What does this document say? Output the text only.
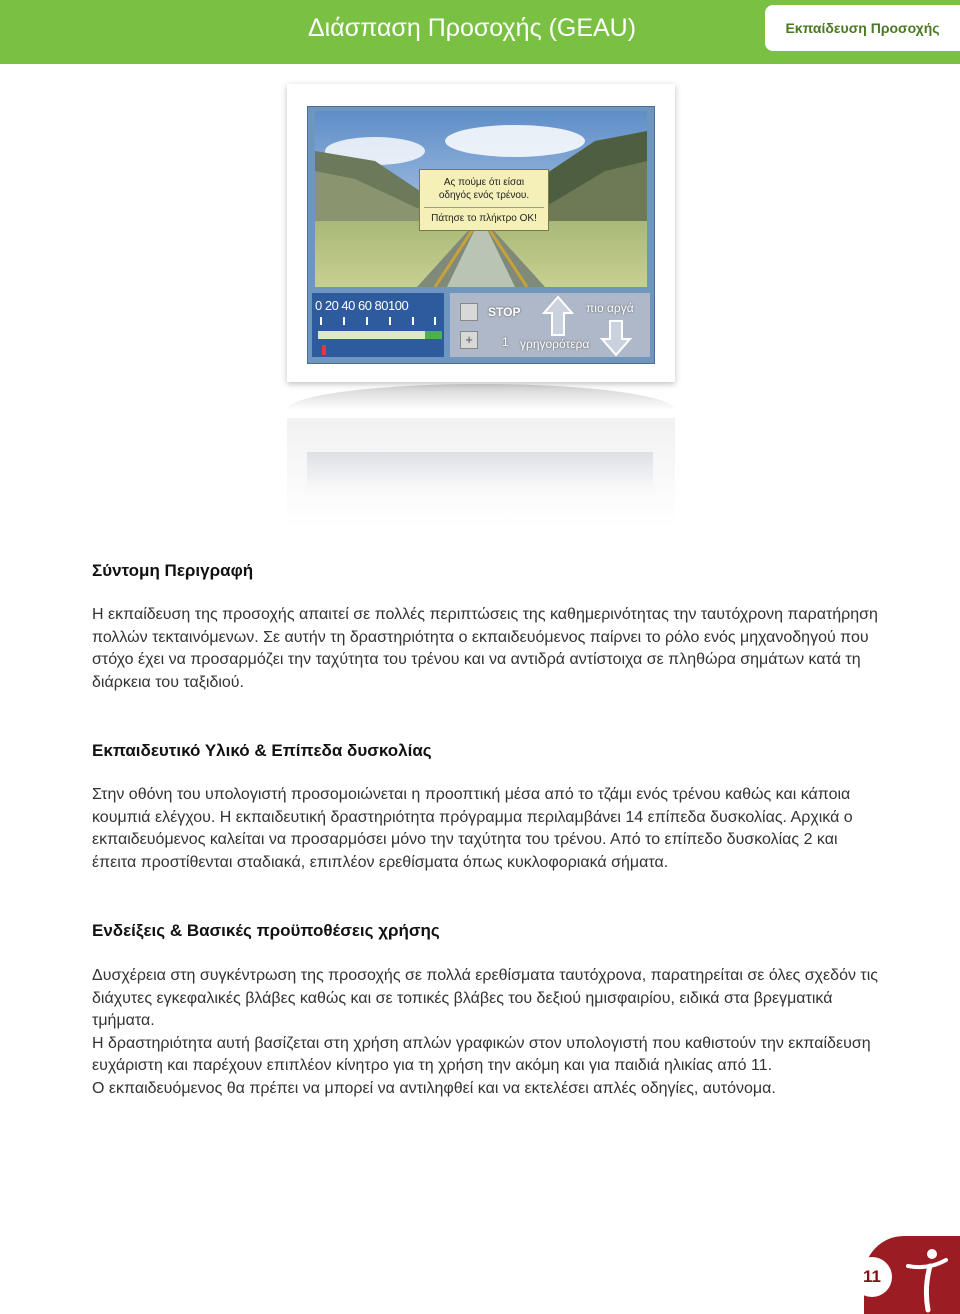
Διάσπαση Προσοχής (GEAU)	Εκπαίδευση Προσοχής
Ας πούμε ότι είσαι
οδηγός ενός τρένου.
Πάτησε το πλήκτρο ΟΚ!
0 20 40 60 80100
+
STOP
1
πιο αργά
γρηγορότερα
Σύντομη Περιγραφή

Η εκπαίδευση της προσοχής απαιτεί σε πολλές περιπτώσεις της καθημερινότητας την ταυτόχρονη παρατήρηση πολλών τεκταινόμενων. Σε αυτήν τη δραστηριότητα ο εκπαιδευόμενος παίρνει το ρόλο ενός μηχανοδηγού που στόχο έχει να προσαρμόζει την ταχύτητα του τρένου και να αντιδρά αντίστοιχα σε πληθώρα σημάτων κατά τη διάρκεια του ταξιδιού.

Εκπαιδευτικό Υλικό & Επίπεδα δυσκολίας

Στην οθόνη του υπολογιστή προσομοιώνεται η προοπτική μέσα από το τζάμι ενός τρένου καθώς και κάποια κουμπιά ελέγχου. Η εκπαιδευτική δραστηριότητα πρόγραμμα περιλαμβάνει 14 επίπεδα δυσκολίας. Αρχικά ο εκπαιδευόμενος καλείται να προσαρμόσει μόνο την ταχύτητα του τρένου. Από το επίπεδο δυσκολίας 2 και έπειτα προστίθενται σταδιακά, επιπλέον ερεθίσματα όπως κυκλοφοριακά σήματα.

Ενδείξεις & Βασικές προϋποθέσεις χρήσης

Δυσχέρεια στη συγκέντρωση της προσοχής σε πολλά ερεθίσματα ταυτόχρονα, παρατηρείται σε όλες σχεδόν τις διάχυτες εγκεφαλικές βλάβες καθώς και σε τοπικές βλάβες του δεξιού ημισφαιρίου, ειδικά στα βρεγματικά τμήματα.

Η δραστηριότητα αυτή βασίζεται στη χρήση απλών γραφικών στον υπολογιστή που καθιστούν την εκπαίδευση ευχάριστη και παρέχουν επιπλέον κίνητρο για τη χρήση την ακόμη και για παιδιά ηλικίας από 11.

Ο εκπαιδευόμενος θα πρέπει να μπορεί να αντιληφθεί και να εκτελέσει απλές οδηγίες, αυτόνομα.

11
